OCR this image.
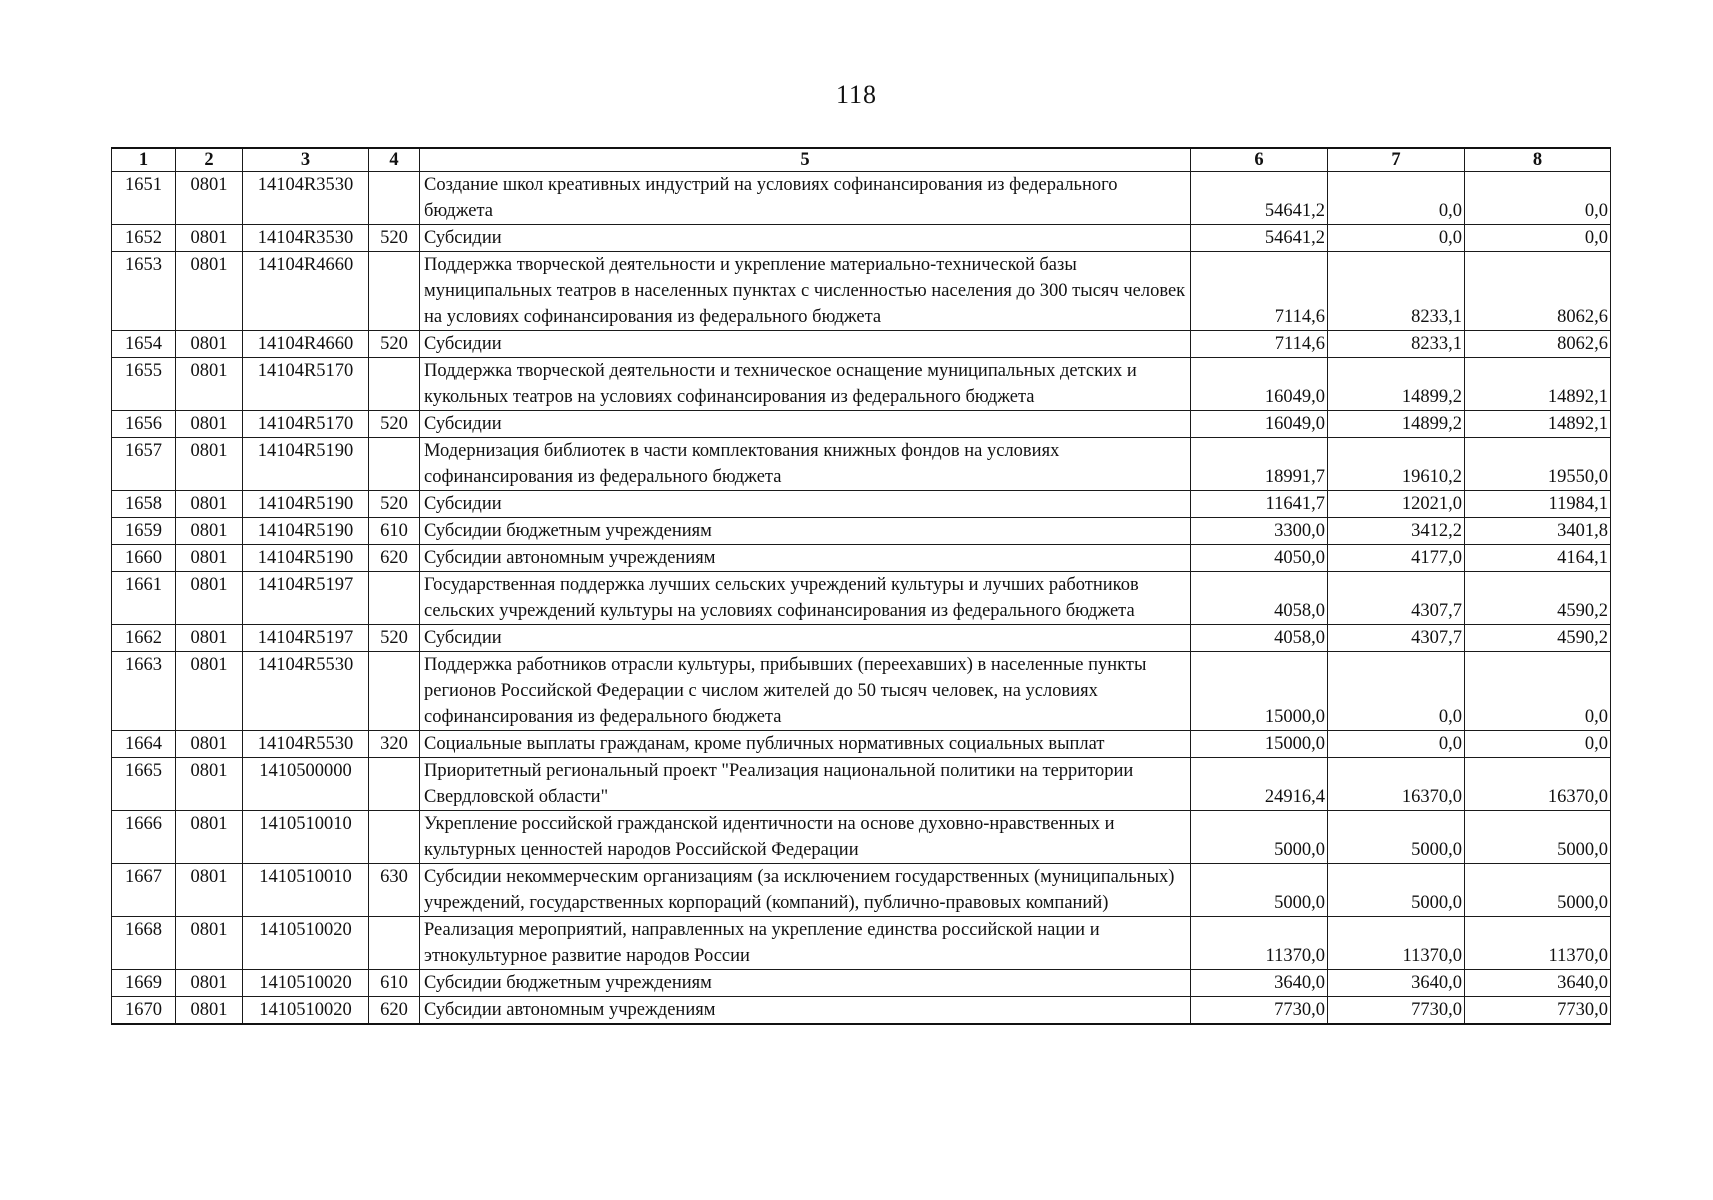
118
1	2	3	4	5	6	7	8
1651	0801	14104R3530		Создание школ креативных индустрий на условиях софинансирования из федерального бюджета	54641,2	0,0	0,0
1652	0801	14104R3530	520	Субсидии	54641,2	0,0	0,0
1653	0801	14104R4660		Поддержка творческой деятельности и укрепление материально-технической базы муниципальных театров в населенных пунктах с численностью населения до 300 тысяч человек на условиях софинансирования из федерального бюджета	7114,6	8233,1	8062,6
1654	0801	14104R4660	520	Субсидии	7114,6	8233,1	8062,6
1655	0801	14104R5170		Поддержка творческой деятельности и техническое оснащение муниципальных детских и кукольных театров на условиях софинансирования из федерального бюджета	16049,0	14899,2	14892,1
1656	0801	14104R5170	520	Субсидии	16049,0	14899,2	14892,1
1657	0801	14104R5190		Модернизация библиотек в части комплектования книжных фондов на условиях софинансирования из федерального бюджета	18991,7	19610,2	19550,0
1658	0801	14104R5190	520	Субсидии	11641,7	12021,0	11984,1
1659	0801	14104R5190	610	Субсидии бюджетным учреждениям	3300,0	3412,2	3401,8
1660	0801	14104R5190	620	Субсидии автономным учреждениям	4050,0	4177,0	4164,1
1661	0801	14104R5197		Государственная поддержка лучших сельских учреждений культуры и лучших работников сельских учреждений культуры на условиях софинансирования из федерального бюджета	4058,0	4307,7	4590,2
1662	0801	14104R5197	520	Субсидии	4058,0	4307,7	4590,2
1663	0801	14104R5530		Поддержка работников отрасли культуры, прибывших (переехавших) в населенные пункты регионов Российской Федерации с числом жителей до 50 тысяч человек, на условиях софинансирования из федерального бюджета	15000,0	0,0	0,0
1664	0801	14104R5530	320	Социальные выплаты гражданам, кроме публичных нормативных социальных выплат	15000,0	0,0	0,0
1665	0801	1410500000		Приоритетный региональный проект "Реализация национальной политики на территории Свердловской области"	24916,4	16370,0	16370,0
1666	0801	1410510010		Укрепление российской гражданской идентичности на основе духовно-нравственных и культурных ценностей народов Российской Федерации	5000,0	5000,0	5000,0
1667	0801	1410510010	630	Субсидии некоммерческим организациям (за исключением государственных (муниципальных) учреждений, государственных корпораций (компаний), публично-правовых компаний)	5000,0	5000,0	5000,0
1668	0801	1410510020		Реализация мероприятий, направленных на укрепление единства российской нации и этнокультурное развитие народов России	11370,0	11370,0	11370,0
1669	0801	1410510020	610	Субсидии бюджетным учреждениям	3640,0	3640,0	3640,0
1670	0801	1410510020	620	Субсидии автономным учреждениям	7730,0	7730,0	7730,0
